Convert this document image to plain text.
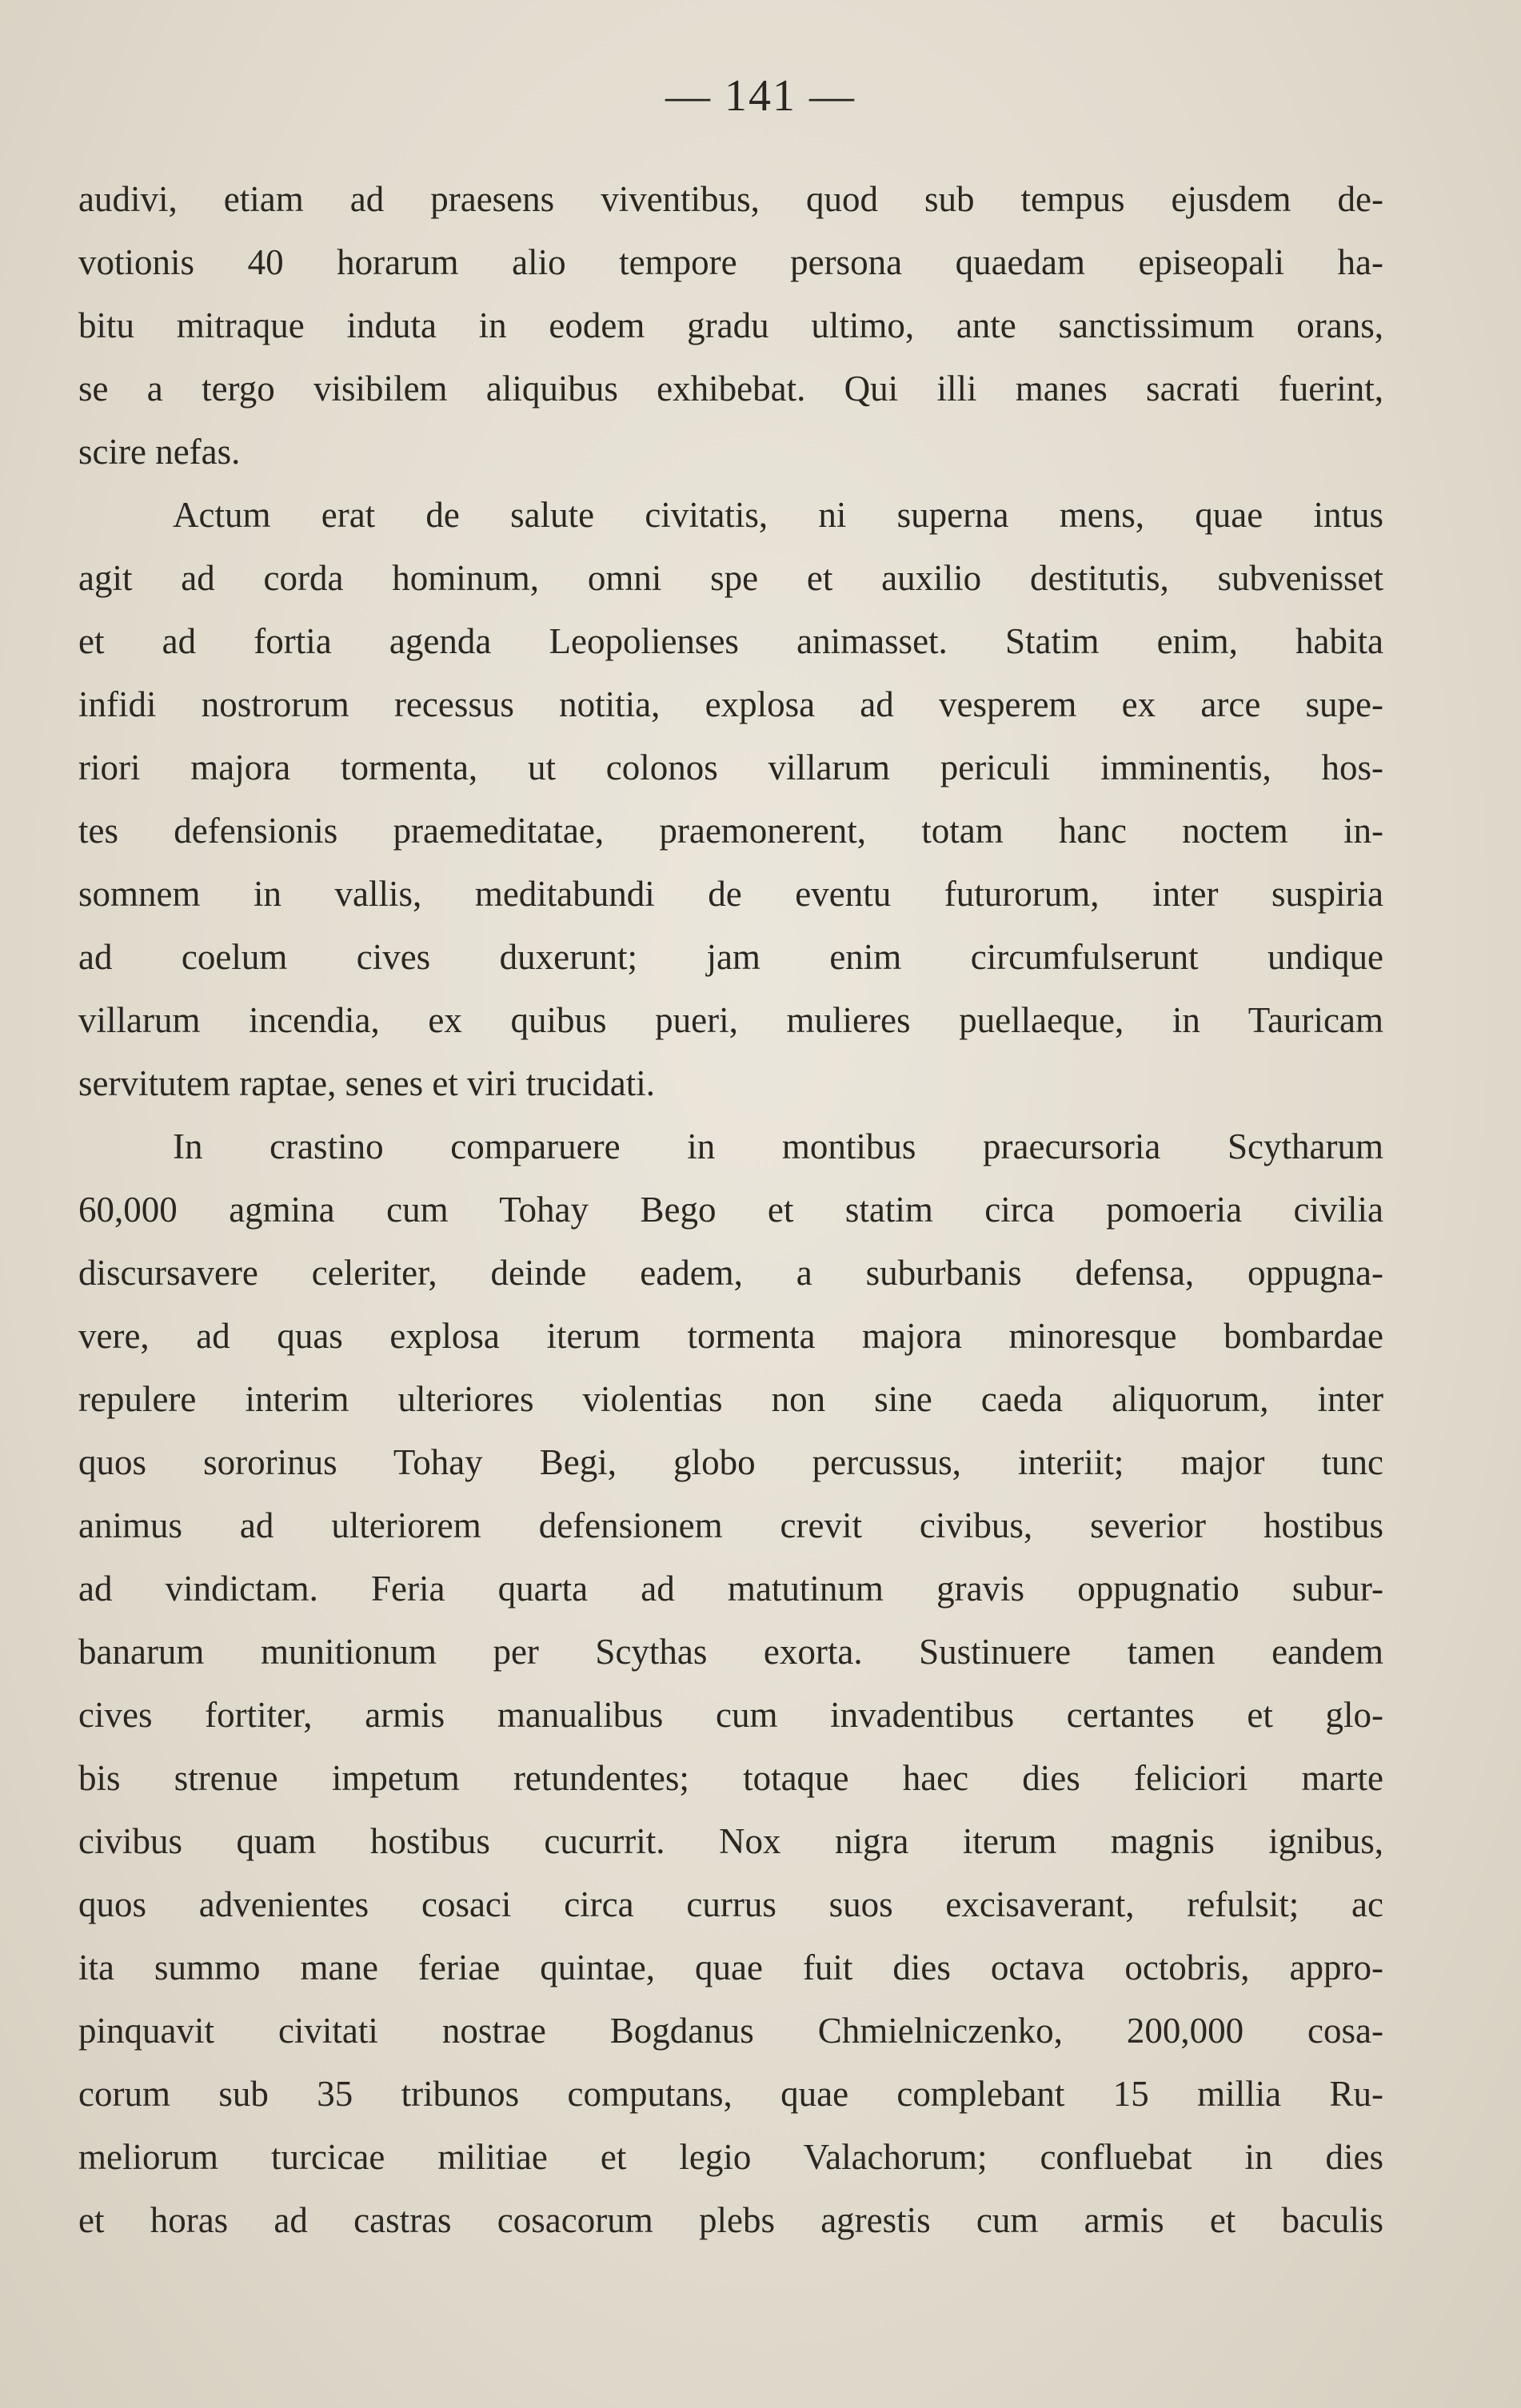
— 141 —
audivi, etiam ad praesens viventibus, quod sub tempus ejusdem de-
votionis 40 horarum alio tempore persona quaedam episeopali ha-
bitu mitraque induta in eodem gradu ultimo, ante sanctissimum orans,
se a tergo visibilem aliquibus exhibebat. Qui illi manes sacrati fuerint,
scire nefas.
Actum erat de salute civitatis, ni superna mens, quae intus
agit ad corda hominum, omni spe et auxilio destitutis, subvenisset
et ad fortia agenda Leopolienses animasset. Statim enim, habita
infidi nostrorum recessus notitia, explosa ad vesperem ex arce supe-
riori majora tormenta, ut colonos villarum periculi imminentis, hos-
tes defensionis praemeditatae, praemonerent, totam hanc noctem in-
somnem in vallis, meditabundi de eventu futurorum, inter suspiria
ad coelum cives duxerunt; jam enim circumfulserunt undique
villarum incendia, ex quibus pueri, mulieres puellaeque, in Tauricam
servitutem raptae, senes et viri trucidati.
In crastino comparuere in montibus praecursoria Scytharum
60,000 agmina cum Tohay Bego et statim circa pomoeria civilia
discursavere celeriter, deinde eadem, a suburbanis defensa, oppugna-
vere, ad quas explosa iterum tormenta majora minoresque bombardae
repulere interim ulteriores violentias non sine caeda aliquorum, inter
quos sororinus Tohay Begi, globo percussus, interiit; major tunc
animus ad ulteriorem defensionem crevit civibus, severior hostibus
ad vindictam. Feria quarta ad matutinum gravis oppugnatio subur-
banarum munitionum per Scythas exorta. Sustinuere tamen eandem
cives fortiter, armis manualibus cum invadentibus certantes et glo-
bis strenue impetum retundentes; totaque haec dies feliciori marte
civibus quam hostibus cucurrit. Nox nigra iterum magnis ignibus,
quos advenientes cosaci circa currus suos excisaverant, refulsit; ac
ita summo mane feriae quintae, quae fuit dies octava octobris, appro-
pinquavit civitati nostrae Bogdanus Chmielniczenko, 200,000 cosa-
corum sub 35 tribunos computans, quae complebant 15 millia Ru-
meliorum turcicae militiae et legio Valachorum; confluebat in dies
et horas ad castras cosacorum plebs agrestis cum armis et baculis
